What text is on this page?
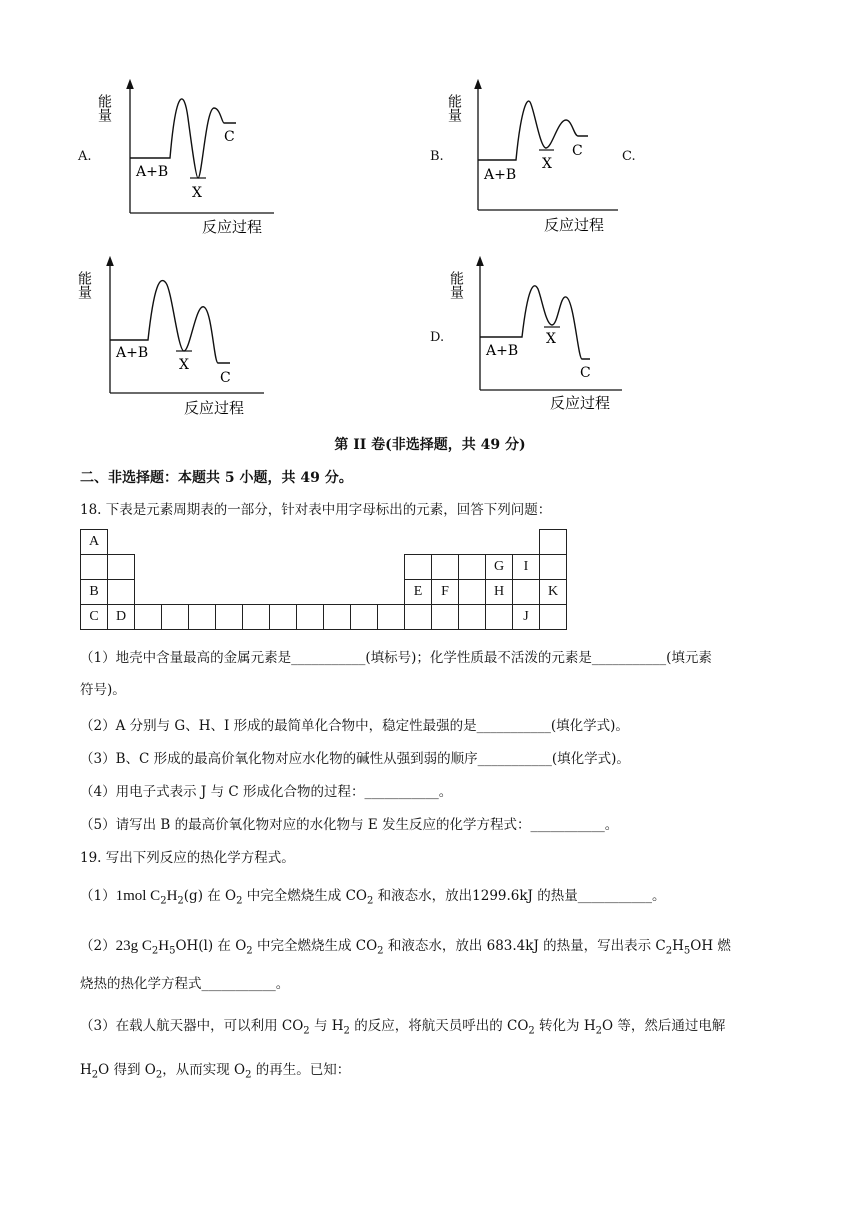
A.	B.	C.
D.
能量
A+B
X
C
反应过程
能量
A+B
X
C
反应过程
能量
A+B
X
C
反应过程
能量
A+B
X
C
反应过程
第 II 卷(非选择题，共 49 分)
二、非选择题：本题共 5 小题，共 49 分。
18. 下表是元素周期表的一部分，针对表中用字母标出的元素，回答下列问题：
A																	
															G	I	
B												E	F		H		K
C	D															J	
（1）地壳中含量最高的金属元素是___________(填标号)；化学性质最不活泼的元素是___________(填元素
符号)。
（2）A 分别与 G、H、I 形成的最简单化合物中，稳定性最强的是___________(填化学式)。
（3）B、C 形成的最高价氧化物对应水化物的碱性从强到弱的顺序___________(填化学式)。
（4）用电子式表示 J 与 C 形成化合物的过程：___________。
（5）请写出 B 的最高价氧化物对应的水化物与 E 发生反应的化学方程式：___________。
19. 写出下列反应的热化学方程式。
（1）1mol $C_2H_2(g)$ 在 $O_2$ 中完全燃烧生成 $CO_2$ 和液态水，放出1299.6kJ 的热量___________。
（2）23g $C_2H_5OH(l)$ 在 $O_2$ 中完全燃烧生成 $CO_2$ 和液态水，放出 683.4kJ 的热量，写出表示 $C_2H_5OH$ 燃
烧热的热化学方程式___________。
（3）在载人航天器中，可以利用 $CO_2$ 与 $H_2$ 的反应，将航天员呼出的 $CO_2$ 转化为 $H_2O$ 等，然后通过电解
$H_2O$ 得到 $O_2$，从而实现 $O_2$ 的再生。已知：
